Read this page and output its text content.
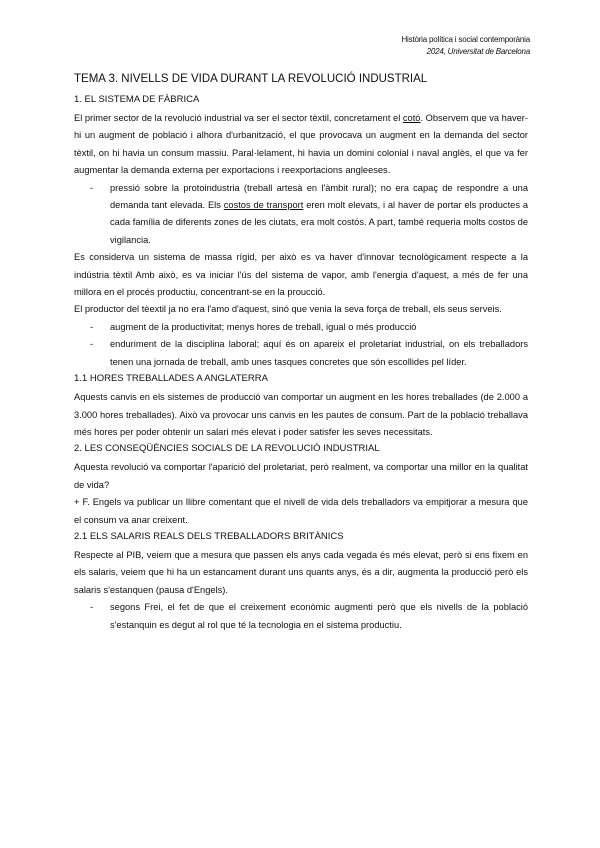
Història política i social contemporània
2024, Universitat de Barcelona
TEMA 3. NIVELLS DE VIDA DURANT LA REVOLUCIÓ INDUSTRIAL
1. EL SISTEMA DE FÀBRICA

El primer sector de la revolució industrial va ser el sector tèxtil, concretament el cotó. Observem que va haver-hi un augment de població i alhora d'urbanització, el que provocava un augment en la demanda del sector tèxtil, on hi havia un consum massiu. Paral·lelament, hi havia un domini colonial i naval anglès, el que va fer augmentar la demanda externa per exportacions i reexportacions angleeses.

- pressió sobre la protoindustria (treball artesà en l'àmbit rural); no era capaç de respondre a una demanda tant elevada. Els costos de transport eren molt elevats, i al haver de portar els productes a cada família de diferents zones de les ciutats, era molt costós. A part, també requeria molts costos de vigilancia.

Es considerva un sistema de massa rígid, per això es va haver d'innovar tecnològicament respecte a la indústria tèxtil Amb això, es va iniciar l'ús del sistema de vapor, amb l'energia d'aquest, a més de fer una millora en el procés productiu, concentrant-se en la proucció.

El productor del tèextil ja no era l'amo d'aquest, sinó que venia la seva força de treball, els seus serveis.

- augment de la productivitat; menys hores de treball, igual o més producció
- enduriment de la disciplina laboral; aquí és on apareix el proletariat industrial, on els treballadors tenen una jornada de treball, amb unes tasques concretes que són escollides pel líder.
1.1 HORES TREBALLADES A ANGLATERRA

Aquests canvis en els sistemes de producció van comportar un augment en les hores treballades (de 2.000 a 3.000 hores treballades). Això va provocar uns canvis en les pautes de consum. Part de la població treballava més hores per poder obtenir un salari més elevat i poder satisfer les seves necessitats.

2. LES CONSEQÜÈNCIES SOCIALS DE LA REVOLUCIÓ INDUSTRIAL

Aquesta revolució va comportar l'aparició del proletariat, però realment, va comportar una millor en la qualitat de vida?

+ F. Engels va publicar un llibre comentant que el nivell de vida dels treballadors va empitjorar a mesura que el consum va anar creixent.

2.1 ELS SALARIS REALS DELS TREBALLADORS BRITÀNICS

Respecte al PIB, veiem que a mesura que passen els anys cada vegada és més elevat, però si ens fixem en els salaris, veiem que hi ha un estancament durant uns quants anys, és a dir, augmenta la producció però els salaris s'estanquen (pausa d'Engels).

- segons Frei, el fet de que el creixement econòmic augmenti però que els nivells de la població s'estanquin es degut al rol que té la tecnologia en el sistema productiu.
